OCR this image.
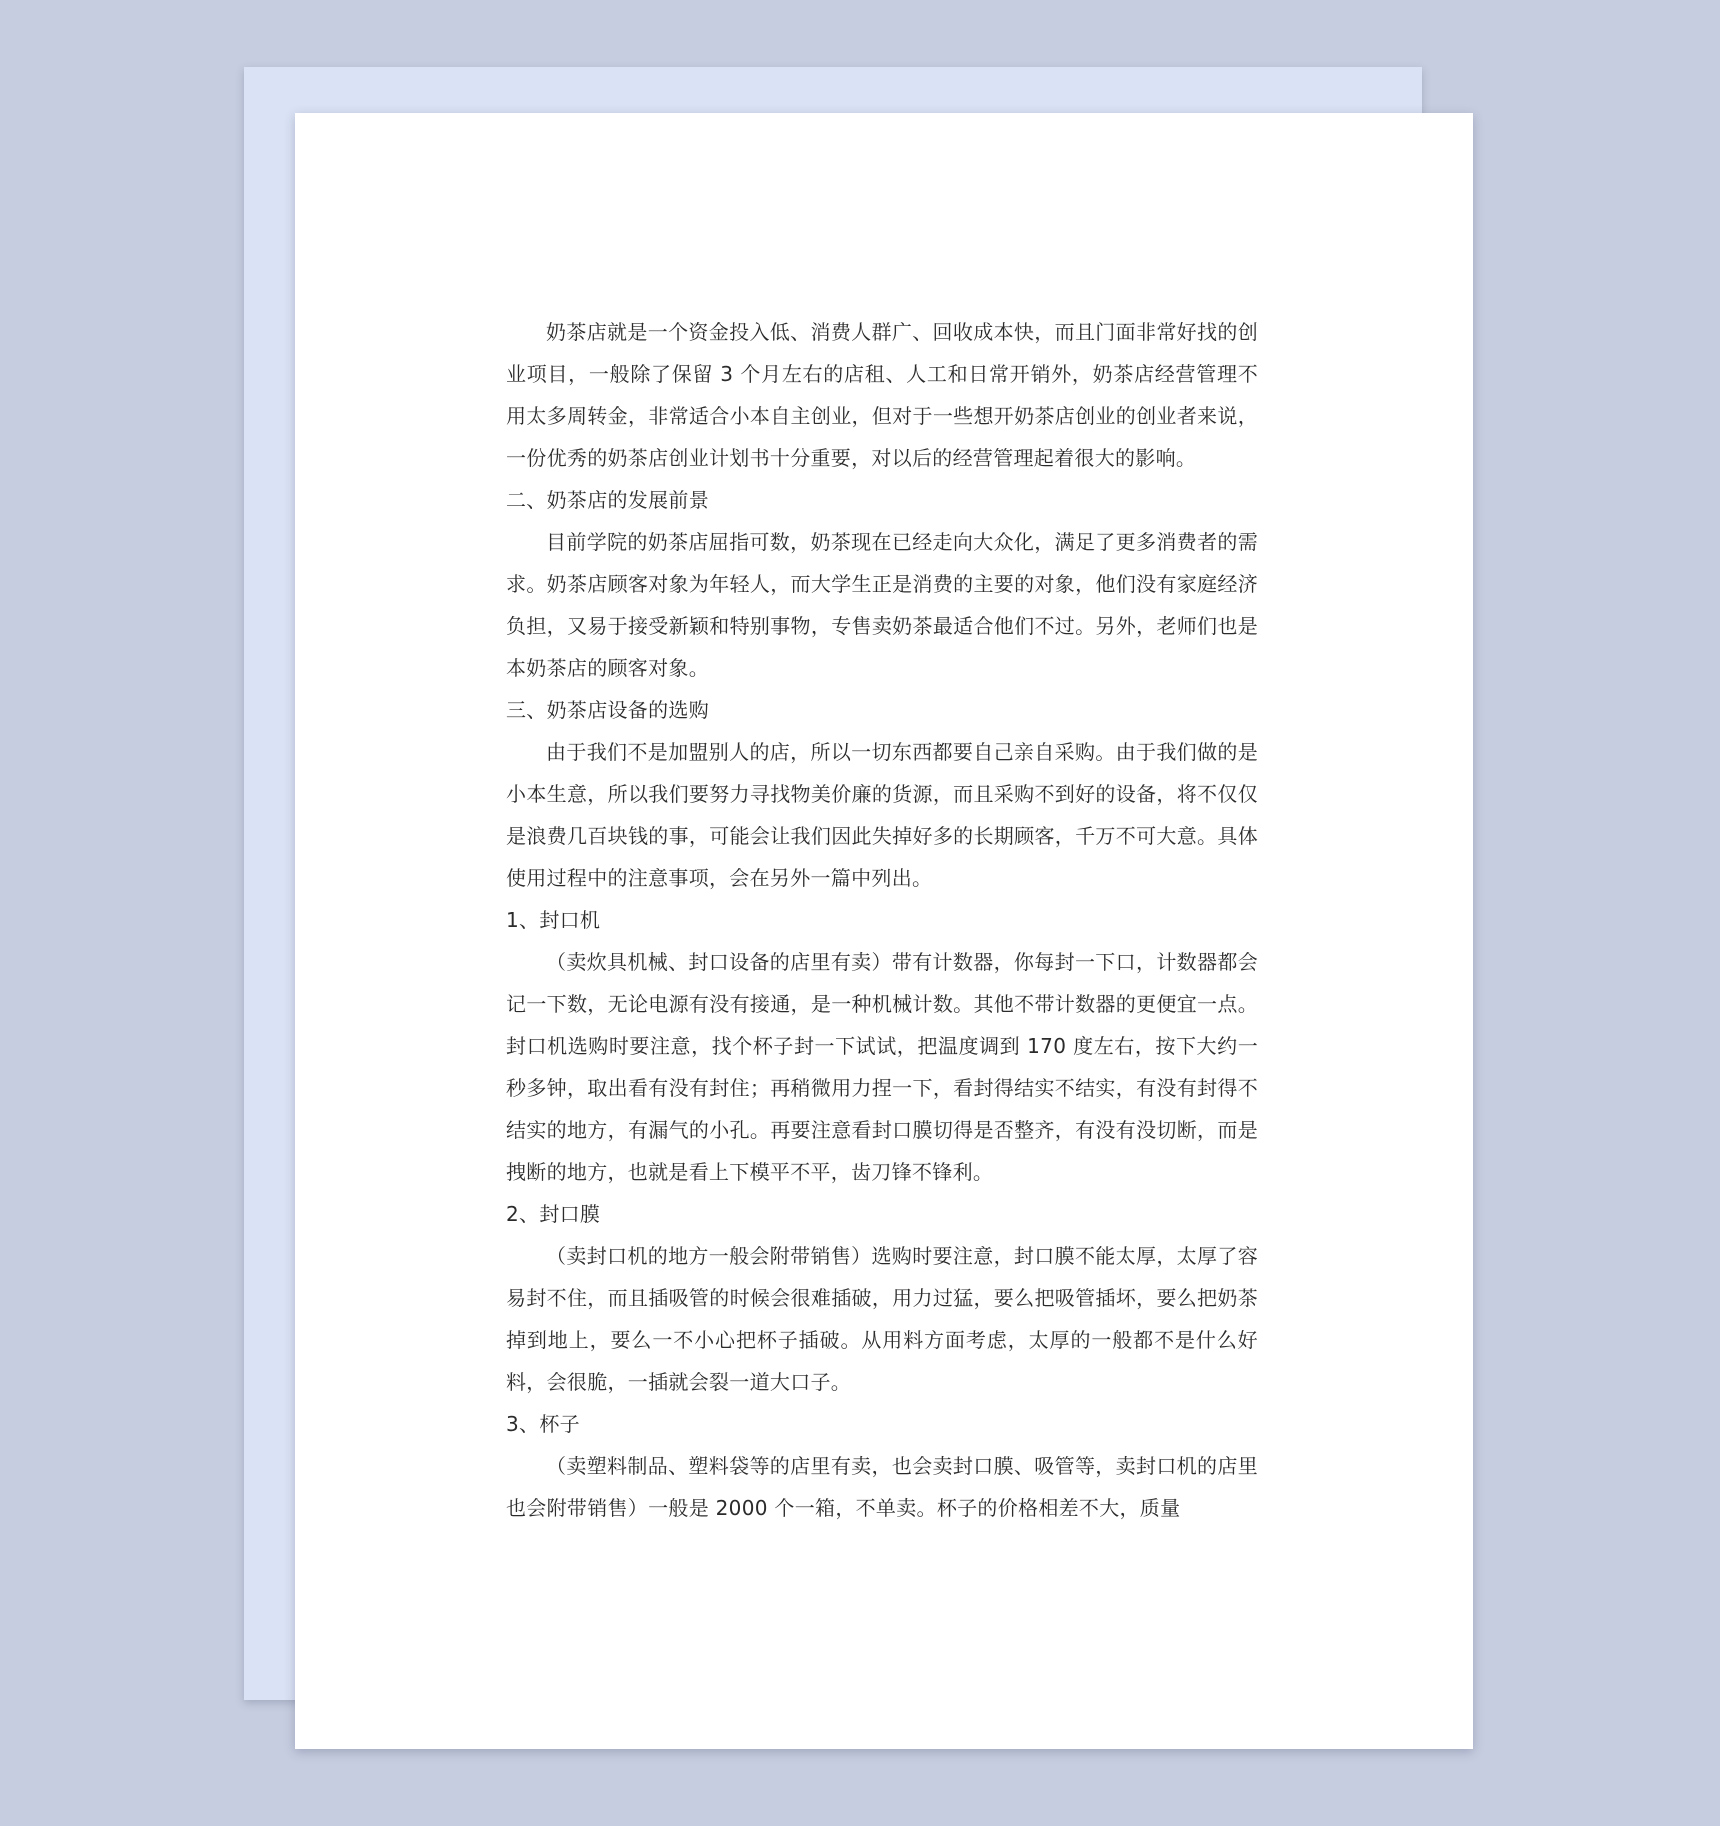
奶茶店就是一个资金投入低、消费人群广、回收成本快，而且门面非常好找的创业项目，一般除了保留 3 个月左右的店租、人工和日常开销外，奶茶店经营管理不用太多周转金，非常适合小本自主创业，但对于一些想开奶茶店创业的创业者来说，一份优秀的奶茶店创业计划书十分重要，对以后的经营管理起着很大的影响。

二、奶茶店的发展前景

目前学院的奶茶店屈指可数，奶茶现在已经走向大众化，满足了更多消费者的需求。奶茶店顾客对象为年轻人，而大学生正是消费的主要的对象，他们没有家庭经济负担，又易于接受新颖和特别事物，专售卖奶茶最适合他们不过。另外，老师们也是本奶茶店的顾客对象。

三、奶茶店设备的选购

由于我们不是加盟别人的店，所以一切东西都要自己亲自采购。由于我们做的是小本生意，所以我们要努力寻找物美价廉的货源，而且采购不到好的设备，将不仅仅是浪费几百块钱的事，可能会让我们因此失掉好多的长期顾客，千万不可大意。具体使用过程中的注意事项，会在另外一篇中列出。

1、封口机

（卖炊具机械、封口设备的店里有卖）带有计数器，你每封一下口，计数器都会记一下数，无论电源有没有接通，是一种机械计数。其他不带计数器的更便宜一点。封口机选购时要注意，找个杯子封一下试试，把温度调到 170 度左右，按下大约一秒多钟，取出看有没有封住；再稍微用力捏一下，看封得结实不结实，有没有封得不结实的地方，有漏气的小孔。再要注意看封口膜切得是否整齐，有没有没切断，而是拽断的地方，也就是看上下模平不平，齿刀锋不锋利。

2、封口膜

（卖封口机的地方一般会附带销售）选购时要注意，封口膜不能太厚，太厚了容易封不住，而且插吸管的时候会很难插破，用力过猛，要么把吸管插坏，要么把奶茶掉到地上，要么一不小心把杯子插破。从用料方面考虑，太厚的一般都不是什么好料，会很脆，一插就会裂一道大口子。

3、杯子

（卖塑料制品、塑料袋等的店里有卖，也会卖封口膜、吸管等，卖封口机的店里也会附带销售）一般是 2000 个一箱，不单卖。杯子的价格相差不大，质量
